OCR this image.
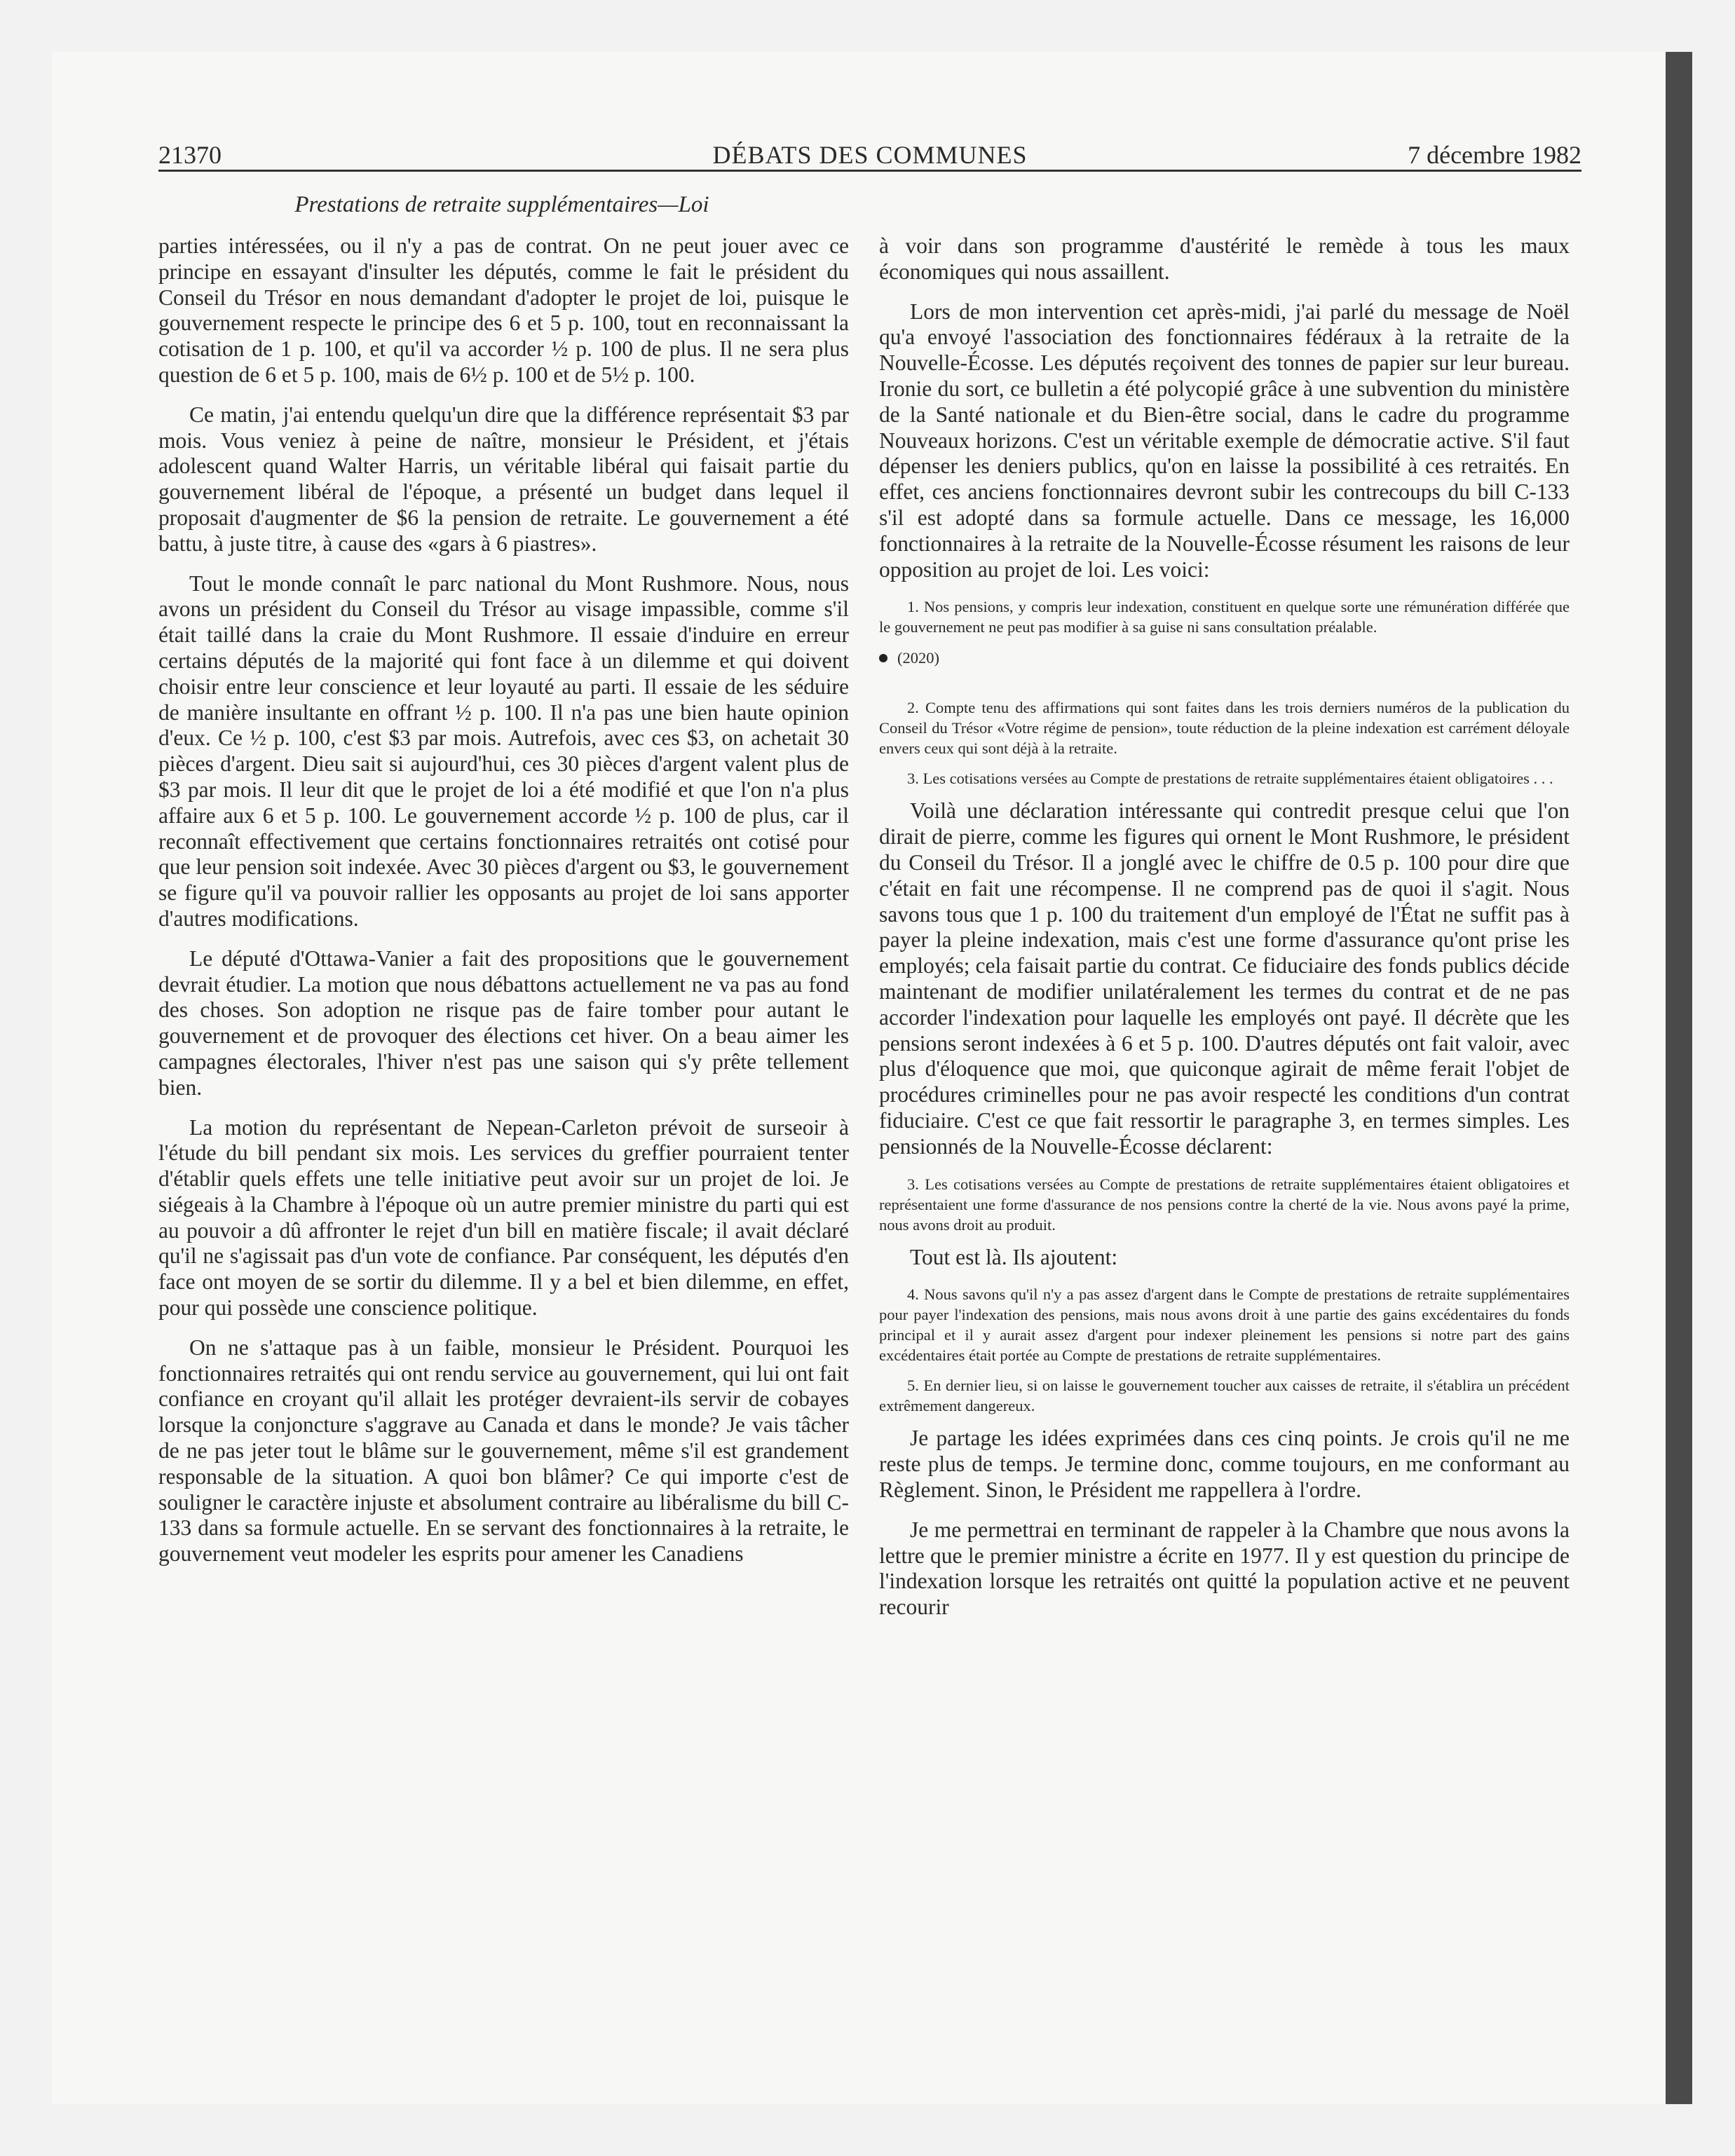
21370	DÉBATS DES COMMUNES	7 décembre 1982
Prestations de retraite supplémentaires—Loi

parties intéressées, ou il n'y a pas de contrat. On ne peut jouer avec ce principe en essayant d'insulter les députés, comme le fait le président du Conseil du Trésor en nous demandant d'adopter le projet de loi, puisque le gouvernement respecte le principe des 6 et 5 p. 100, tout en reconnaissant la cotisation de 1 p. 100, et qu'il va accorder ½ p. 100 de plus. Il ne sera plus question de 6 et 5 p. 100, mais de 6½ p. 100 et de 5½ p. 100.

Ce matin, j'ai entendu quelqu'un dire que la différence représentait $3 par mois. Vous veniez à peine de naître, monsieur le Président, et j'étais adolescent quand Walter Harris, un véritable libéral qui faisait partie du gouvernement libéral de l'époque, a présenté un budget dans lequel il proposait d'augmenter de $6 la pension de retraite. Le gouvernement a été battu, à juste titre, à cause des «gars à 6 piastres».

Tout le monde connaît le parc national du Mont Rushmore. Nous, nous avons un président du Conseil du Trésor au visage impassible, comme s'il était taillé dans la craie du Mont Rushmore. Il essaie d'induire en erreur certains députés de la majorité qui font face à un dilemme et qui doivent choisir entre leur conscience et leur loyauté au parti. Il essaie de les séduire de manière insultante en offrant ½ p. 100. Il n'a pas une bien haute opinion d'eux. Ce ½ p. 100, c'est $3 par mois. Autrefois, avec ces $3, on achetait 30 pièces d'argent. Dieu sait si aujourd'hui, ces 30 pièces d'argent valent plus de $3 par mois. Il leur dit que le projet de loi a été modifié et que l'on n'a plus affaire aux 6 et 5 p. 100. Le gouvernement accorde ½ p. 100 de plus, car il reconnaît effectivement que certains fonctionnaires retraités ont cotisé pour que leur pension soit indexée. Avec 30 pièces d'argent ou $3, le gouvernement se figure qu'il va pouvoir rallier les opposants au projet de loi sans apporter d'autres modifications.

Le député d'Ottawa-Vanier a fait des propositions que le gouvernement devrait étudier. La motion que nous débattons actuellement ne va pas au fond des choses. Son adoption ne risque pas de faire tomber pour autant le gouvernement et de provoquer des élections cet hiver. On a beau aimer les campagnes électorales, l'hiver n'est pas une saison qui s'y prête tellement bien.

La motion du représentant de Nepean-Carleton prévoit de surseoir à l'étude du bill pendant six mois. Les services du greffier pourraient tenter d'établir quels effets une telle initiative peut avoir sur un projet de loi. Je siégeais à la Chambre à l'époque où un autre premier ministre du parti qui est au pouvoir a dû affronter le rejet d'un bill en matière fiscale; il avait déclaré qu'il ne s'agissait pas d'un vote de confiance. Par conséquent, les députés d'en face ont moyen de se sortir du dilemme. Il y a bel et bien dilemme, en effet, pour qui possède une conscience politique.

On ne s'attaque pas à un faible, monsieur le Président. Pourquoi les fonctionnaires retraités qui ont rendu service au gouvernement, qui lui ont fait confiance en croyant qu'il allait les protéger devraient-ils servir de cobayes lorsque la conjoncture s'aggrave au Canada et dans le monde? Je vais tâcher de ne pas jeter tout le blâme sur le gouvernement, même s'il est grandement responsable de la situation. A quoi bon blâmer? Ce qui importe c'est de souligner le caractère injuste et absolument contraire au libéralisme du bill C-133 dans sa formule actuelle. En se servant des fonctionnaires à la retraite, le gouvernement veut modeler les esprits pour amener les Canadiens

à voir dans son programme d'austérité le remède à tous les maux économiques qui nous assaillent.

Lors de mon intervention cet après-midi, j'ai parlé du message de Noël qu'a envoyé l'association des fonctionnaires fédéraux à la retraite de la Nouvelle-Écosse. Les députés reçoivent des tonnes de papier sur leur bureau. Ironie du sort, ce bulletin a été polycopié grâce à une subvention du ministère de la Santé nationale et du Bien-être social, dans le cadre du programme Nouveaux horizons. C'est un véritable exemple de démocratie active. S'il faut dépenser les deniers publics, qu'on en laisse la possibilité à ces retraités. En effet, ces anciens fonctionnaires devront subir les contrecoups du bill C-133 s'il est adopté dans sa formule actuelle. Dans ce message, les 16,000 fonctionnaires à la retraite de la Nouvelle-Écosse résument les raisons de leur opposition au projet de loi. Les voici:

1. Nos pensions, y compris leur indexation, constituent en quelque sorte une rémunération différée que le gouvernement ne peut pas modifier à sa guise ni sans consultation préalable.

(2020)

2. Compte tenu des affirmations qui sont faites dans les trois derniers numéros de la publication du Conseil du Trésor «Votre régime de pension», toute réduction de la pleine indexation est carrément déloyale envers ceux qui sont déjà à la retraite.

3. Les cotisations versées au Compte de prestations de retraite supplémentaires étaient obligatoires . . .

Voilà une déclaration intéressante qui contredit presque celui que l'on dirait de pierre, comme les figures qui ornent le Mont Rushmore, le président du Conseil du Trésor. Il a jonglé avec le chiffre de 0.5 p. 100 pour dire que c'était en fait une récompense. Il ne comprend pas de quoi il s'agit. Nous savons tous que 1 p. 100 du traitement d'un employé de l'État ne suffit pas à payer la pleine indexation, mais c'est une forme d'assurance qu'ont prise les employés; cela faisait partie du contrat. Ce fiduciaire des fonds publics décide maintenant de modifier unilatéralement les termes du contrat et de ne pas accorder l'indexation pour laquelle les employés ont payé. Il décrète que les pensions seront indexées à 6 et 5 p. 100. D'autres députés ont fait valoir, avec plus d'éloquence que moi, que quiconque agirait de même ferait l'objet de procédures criminelles pour ne pas avoir respecté les conditions d'un contrat fiduciaire. C'est ce que fait ressortir le paragraphe 3, en termes simples. Les pensionnés de la Nouvelle-Écosse déclarent:

3. Les cotisations versées au Compte de prestations de retraite supplémentaires étaient obligatoires et représentaient une forme d'assurance de nos pensions contre la cherté de la vie. Nous avons payé la prime, nous avons droit au produit.

Tout est là. Ils ajoutent:

4. Nous savons qu'il n'y a pas assez d'argent dans le Compte de prestations de retraite supplémentaires pour payer l'indexation des pensions, mais nous avons droit à une partie des gains excédentaires du fonds principal et il y aurait assez d'argent pour indexer pleinement les pensions si notre part des gains excédentaires était portée au Compte de prestations de retraite supplémentaires.

5. En dernier lieu, si on laisse le gouvernement toucher aux caisses de retraite, il s'établira un précédent extrêmement dangereux.

Je partage les idées exprimées dans ces cinq points. Je crois qu'il ne me reste plus de temps. Je termine donc, comme toujours, en me conformant au Règlement. Sinon, le Président me rappellera à l'ordre.

Je me permettrai en terminant de rappeler à la Chambre que nous avons la lettre que le premier ministre a écrite en 1977. Il y est question du principe de l'indexation lorsque les retraités ont quitté la population active et ne peuvent recourir
